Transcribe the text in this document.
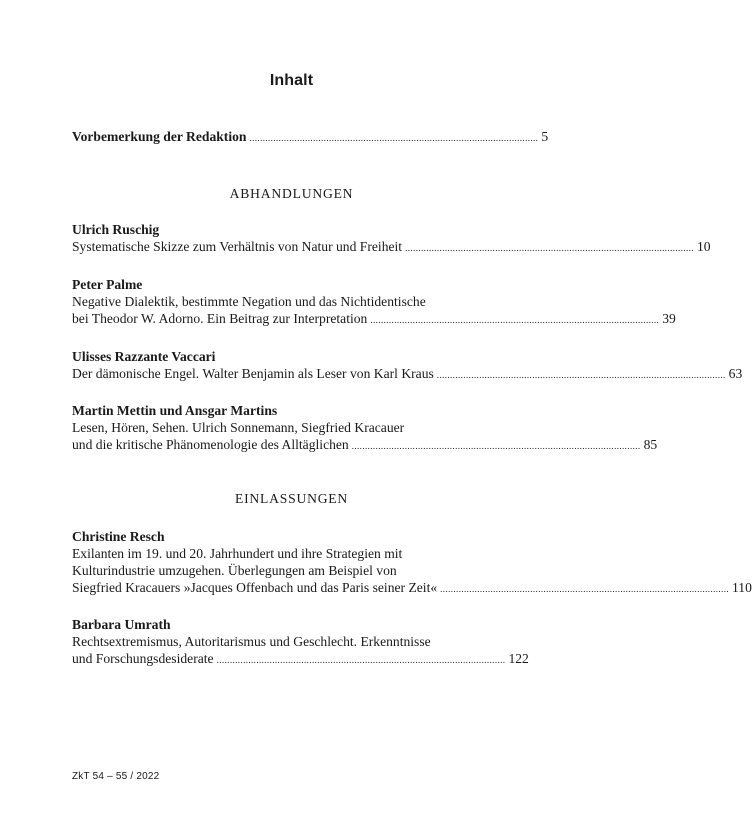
Inhalt
Vorbemerkung der Redaktion ............................................................................................................. 5
ABHANDLUNGEN
Ulrich Ruschig
Systematische Skizze zum Verhältnis von Natur und Freiheit ............................................................................................................. 10
Peter Palme
Negative Dialektik, bestimmte Negation und das Nichtidentische
bei Theodor W. Adorno. Ein Beitrag zur Interpretation ............................................................................................................. 39
Ulisses Razzante Vaccari
Der dämonische Engel. Walter Benjamin als Leser von Karl Kraus ............................................................................................................. 63
Martin Mettin und Ansgar Martins
Lesen, Hören, Sehen. Ulrich Sonnemann, Siegfried Kracauer
und die kritische Phänomenologie des Alltäglichen ............................................................................................................. 85
EINLASSUNGEN
Christine Resch
Exilanten im 19. und 20. Jahrhundert und ihre Strategien mit
Kulturindustrie umzugehen. Überlegungen am Beispiel von
Siegfried Kracauers »Jacques Offenbach und das Paris seiner Zeit« ............................................................................................................. 110
Barbara Umrath
Rechtsextremismus, Autoritarismus und Geschlecht. Erkenntnisse
und Forschungsdesiderate ............................................................................................................. 122
ZkT 54 – 55 / 2022
